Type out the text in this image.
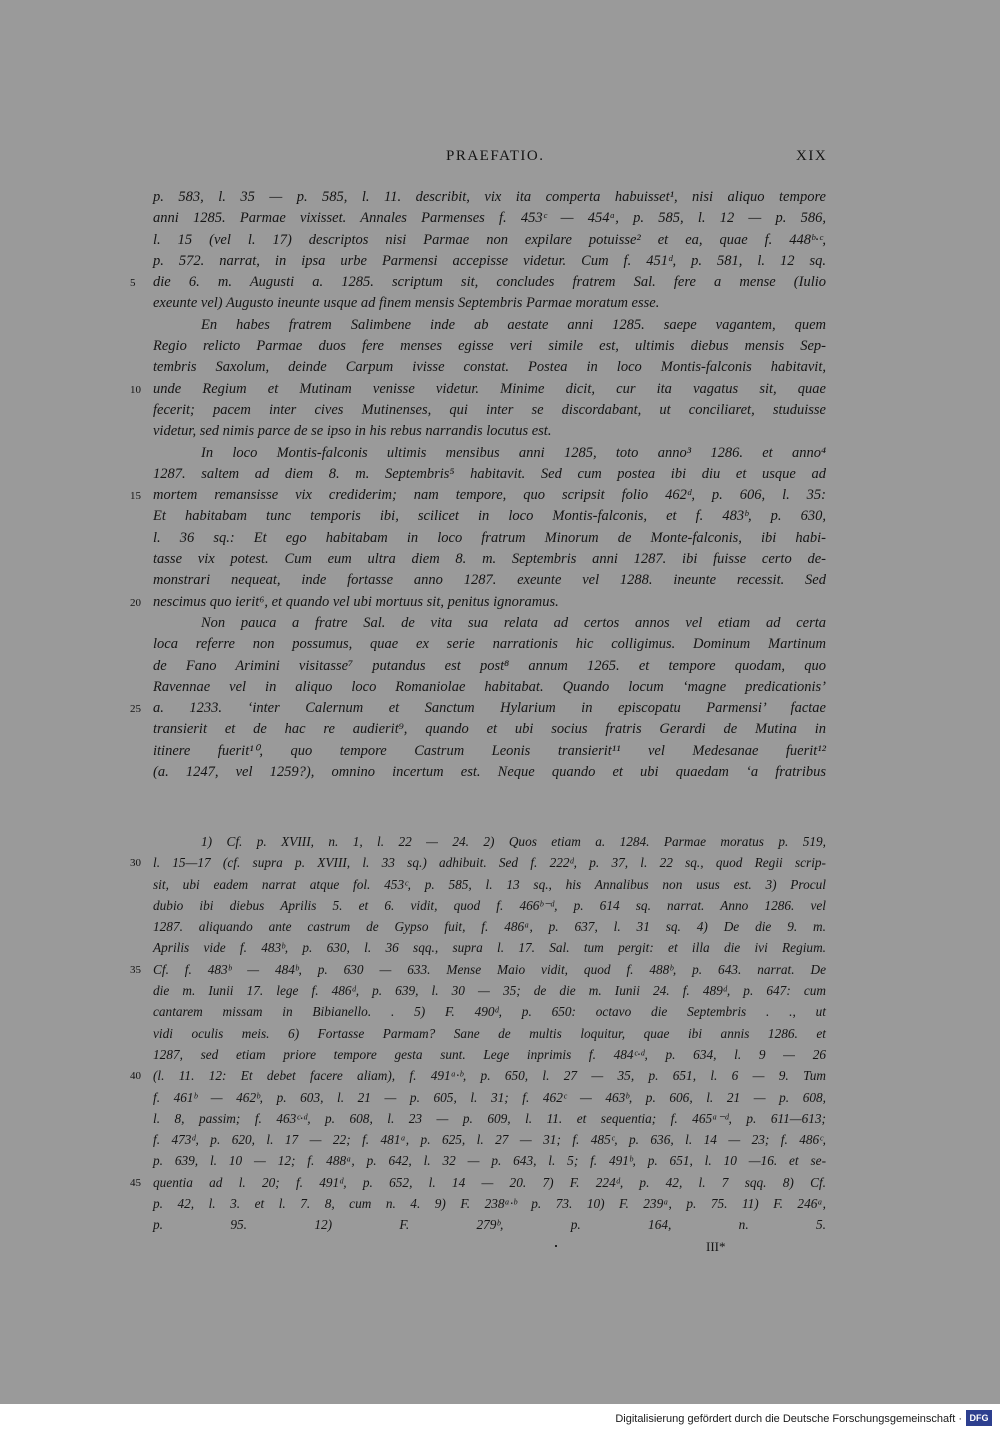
PRAEFATIO.	XIX
p. 583, l. 35 — p. 585, l. 11. describit, vix ita comperta habuisset¹, nisi aliquo tempore
anni 1285. Parmae vixisset. Annales Parmenses f. 453ᶜ — 454ᵃ, p. 585, l. 12 — p. 586,
l. 15 (vel l. 17) descriptos nisi Parmae non expilare potuisse² et ea, quae f. 448ᵇ·ᶜ,
p. 572. narrat, in ipsa urbe Parmensi accepisse videtur. Cum f. 451ᵈ, p. 581, l. 12 sq.
5	die 6. m. Augusti a. 1285. scriptum sit, concludes fratrem Sal. fere a mense (Iulio
exeunte vel) Augusto ineunte usque ad finem mensis Septembris Parmae moratum esse.
En habes fratrem Salimbene inde ab aestate anni 1285. saepe vagantem, quem
Regio relicto Parmae duos fere menses egisse veri simile est, ultimis diebus mensis Sep-
tembris Saxolum, deinde Carpum ivisse constat. Postea in loco Montis-falconis habitavit,
10 unde Regium et Mutinam venisse videtur. Minime dicit, cur ita vagatus sit, quae
fecerit; pacem inter cives Mutinenses, qui inter se discordabant, ut conciliaret, studuisse
videtur, sed nimis parce de se ipso in his rebus narrandis locutus est.
In loco Montis-falconis ultimis mensibus anni 1285, toto anno³ 1286. et anno⁴
1287. saltem ad diem 8. m. Septembris⁵ habitavit. Sed cum postea ibi diu et usque ad
15 mortem remansisse vix crediderim; nam tempore, quo scripsit folio 462ᵈ, p. 606, l. 35:
Et habitabam tunc temporis ibi, scilicet in loco Montis-falconis, et f. 483ᵇ, p. 630,
l. 36 sq.: Et ego habitabam in loco fratrum Minorum de Monte-falconis, ibi habi-
tasse vix potest. Cum eum ultra diem 8. m. Septembris anni 1287. ibi fuisse certo de-
monstrari nequeat, inde fortasse anno 1287. exeunte vel 1288. ineunte recessit. Sed
20 nescimus quo ierit⁶, et quando vel ubi mortuus sit, penitus ignoramus.
Non pauca a fratre Sal. de vita sua relata ad certos annos vel etiam ad certa
loca referre non possumus, quae ex serie narrationis hic colligimus. Dominum Martinum
de Fano Arimini visitasse⁷ putandus est post⁸ annum 1265. et tempore quodam, quo
Ravennae vel in aliquo loco Romaniolae habitabat. Quando locum ‘magne predicationis’
25 a. 1233. ‘inter Calernum et Sanctum Hylarium in episcopatu Parmensi’ factae
transierit et de hac re audierit⁹, quando et ubi socius fratris Gerardi de Mutina in
itinere fuerit¹⁰, quo tempore Castrum Leonis transierit¹¹ vel Medesanae fuerit¹²
(a. 1247, vel 1259?), omnino incertum est. Neque quando et ubi quaedam ‘a fratribus
1) Cf. p. XVIII, n. 1, l. 22 — 24. 2) Quos etiam a. 1284. Parmae moratus p. 519,
30 l. 15—17 (cf. supra p. XVIII, l. 33 sq.) adhibuit. Sed f. 222ᵈ, p. 37, l. 22 sq., quod Regii scrip-
sit, ubi eadem narrat atque fol. 453ᶜ, p. 585, l. 13 sq., his Annalibus non usus est. 3) Procul
dubio ibi diebus Aprilis 5. et 6. vidit, quod f. 466ᵇ⁻ᵈ, p. 614 sq. narrat. Anno 1286. vel
1287. aliquando ante castrum de Gypso fuit, f. 486ᵃ, p. 637, l. 31 sq. 4) De die 9. m.
Aprilis vide f. 483ᵇ, p. 630, l. 36 sqq., supra l. 17. Sal. tum pergit: et illa die ivi Regium.
35 Cf. f. 483ᵇ — 484ᵇ, p. 630 — 633. Mense Maio vidit, quod f. 488ᵇ, p. 643. narrat. De
die m. Iunii 17. lege f. 486ᵈ, p. 639, l. 30 — 35; de die m. Iunii 24. f. 489ᵈ, p. 647: cum
cantarem missam in Bibianello. . 5) F. 490ᵈ, p. 650: octavo die Septembris . ., ut
vidi oculis meis. 6) Fortasse Parmam? Sane de multis loquitur, quae ibi annis 1286. et
1287, sed etiam priore tempore gesta sunt. Lege inprimis f. 484ᶜ·ᵈ, p. 634, l. 9 — 26
40 (l. 11. 12: Et debet facere aliam), f. 491ᵃ·ᵇ, p. 650, l. 27 — 35, p. 651, l. 6 — 9. Tum
f. 461ᵇ — 462ᵇ, p. 603, l. 21 — p. 605, l. 31; f. 462ᶜ — 463ᵇ, p. 606, l. 21 — p. 608,
l. 8, passim; f. 463ᶜ·ᵈ, p. 608, l. 23 — p. 609, l. 11. et sequentia; f. 465ᵃ⁻ᵈ, p. 611—613;
f. 473ᵈ, p. 620, l. 17 — 22; f. 481ᵃ, p. 625, l. 27 — 31; f. 485ᶜ, p. 636, l. 14 — 23; f. 486ᶜ,
p. 639, l. 10 — 12; f. 488ᵃ, p. 642, l. 32 — p. 643, l. 5; f. 491ᵇ, p. 651, l. 10 —16. et se-
45 quentia ad l. 20; f. 491ᵈ, p. 652, l. 14 — 20. 7) F. 224ᵈ, p. 42, l. 7 sqq. 8) Cf.
p. 42, l. 3. et l. 7. 8, cum n. 4. 9) F. 238ᵃ·ᵇ p. 73. 10) F. 239ᵃ, p. 75. 11) F. 246ᵃ,
p. 95. 12) F. 279ᵇ, p. 164, n. 5.
III*
Digitalisierung gefördert durch die Deutsche Forschungsgemeinschaft · DFG
